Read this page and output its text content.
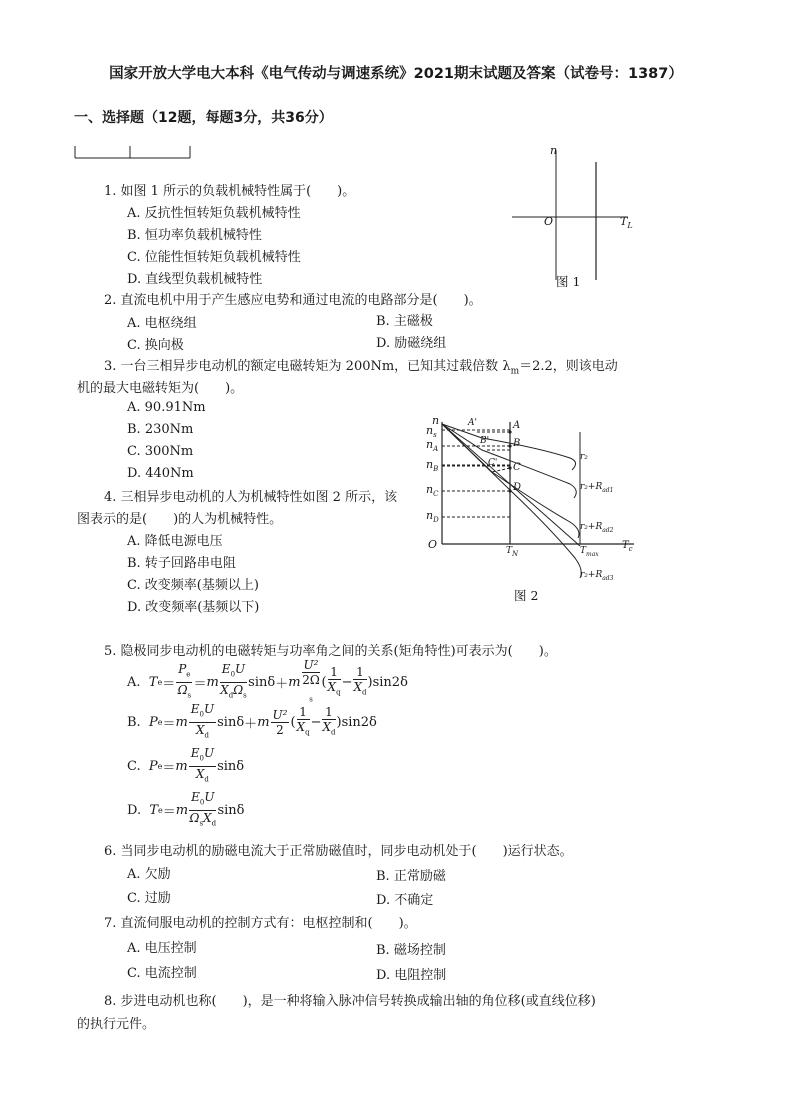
国家开放大学电大本科《电气传动与调速系统》2021期末试题及答案（试卷号：1387）
一、选择题（12题，每题3分，共36分）
n
O	$T_L$
图 1
1. 如图 1 所示的负载机械特性属于(　　)。
A. 反抗性恒转矩负载机械特性
B. 恒功率负载机械特性
C. 位能性恒转矩负载机械特性
D. 直线型负载机械特性
2. 直流电机中用于产生感应电势和通过电流的电路部分是(　　)。
A. 电枢绕组	B. 主磁极
C. 换向极	D. 励磁绕组
3. 一台三相异步电动机的额定电磁转矩为 200Nm，已知其过载倍数 $\lambda_m=2.2$，则该电动
机的最大电磁转矩为(　　)。
A. 90.91Nm
B. 230Nm
C. 300Nm
D. 440Nm
n
$n_s$
$n_A$
$n_B$
$n_C$
$n_D$
A
B
C
D
A'
B'
C'
O	$T_N$	$T_{max}$
$T_c$
r₂
$r_2+R_{ad1}$
$r_2+R_{ad2}$
$r_2+R_{ad3}$
图 2
4. 三相异步电动机的人为机械特性如图 2 所示，该
图表示的是(　　)的人为机械特性。
A. 降低电源电压
B. 转子回路串电阻
C. 改变频率(基频以上)
D. 改变频率(基频以下)
5. 隐极同步电动机的电磁转矩与功率角之间的关系(矩角特性)可表示为(　　)。
A.
T $e = \frac{P_e}{\Omega_s} = m \frac{E_0U}{X_d\Omega_s}$ sinδ ＋ m U²
2Ω
$_s$ ( $\frac{1}{X_q} - \frac{1}{X_d}$ ) sin2δ
B.
P e ＝ m $\frac{E_0U}{X_d}$ sinδ ＋ m $\frac{\text{U²}}{2}$ ( $\frac{1}{X_q} - \frac{1}{X_d}$ ) sin2δ
C.
P e ＝ m $\frac{E_0U}{X_d}$ sinδ
D.
T e ＝ m $\frac{E_0U}{\Omega_sX_d}$ sinδ
6. 当同步电动机的励磁电流大于正常励磁值时，同步电动机处于(　　)运行状态。
A. 欠励	B. 正常励磁
C. 过励	D. 不确定
7. 直流伺服电动机的控制方式有：电枢控制和(　　)。
A. 电压控制	B. 磁场控制
C. 电流控制	D. 电阻控制
8. 步进电动机也称(　　)，是一种将输入脉冲信号转换成输出轴的角位移(或直线位移)
的执行元件。
